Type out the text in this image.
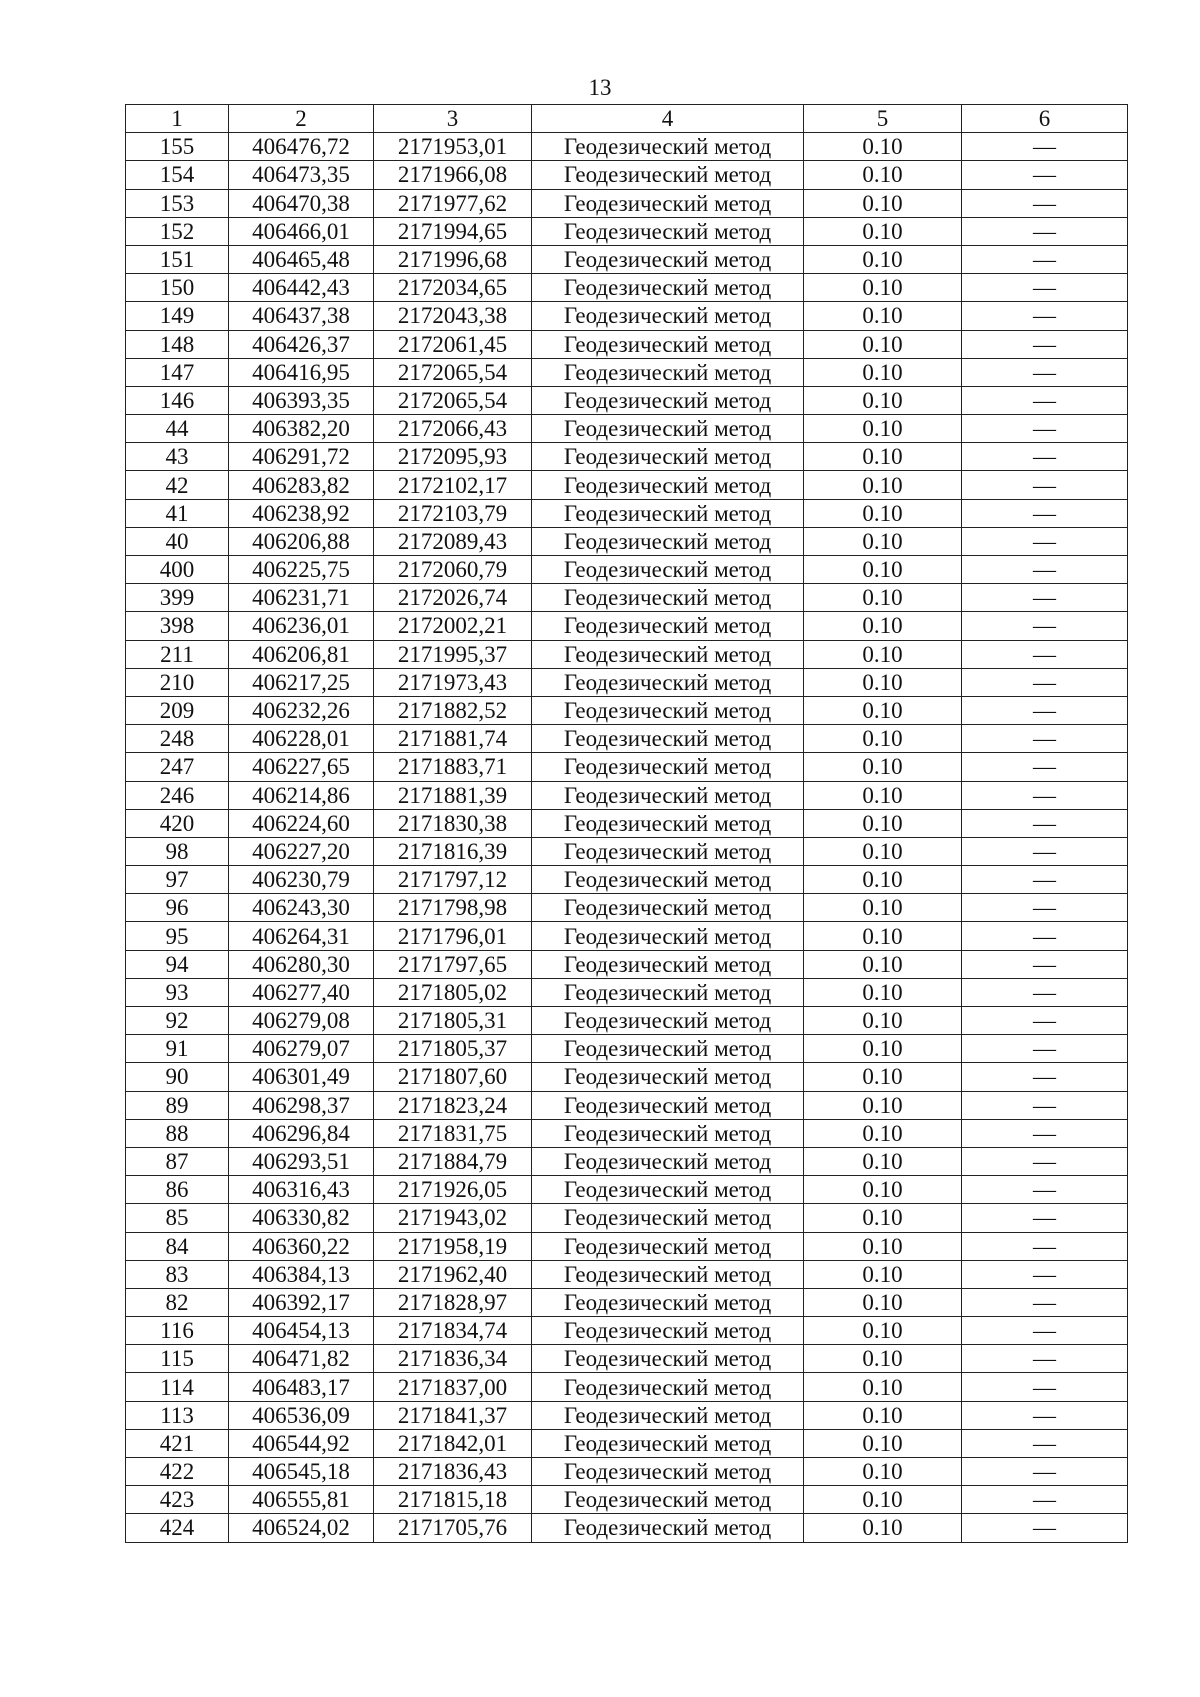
13
1	2	3	4	5	6
155	406476,72	2171953,01	Геодезический метод	0.10	—
154	406473,35	2171966,08	Геодезический метод	0.10	—
153	406470,38	2171977,62	Геодезический метод	0.10	—
152	406466,01	2171994,65	Геодезический метод	0.10	—
151	406465,48	2171996,68	Геодезический метод	0.10	—
150	406442,43	2172034,65	Геодезический метод	0.10	—
149	406437,38	2172043,38	Геодезический метод	0.10	—
148	406426,37	2172061,45	Геодезический метод	0.10	—
147	406416,95	2172065,54	Геодезический метод	0.10	—
146	406393,35	2172065,54	Геодезический метод	0.10	—
44	406382,20	2172066,43	Геодезический метод	0.10	—
43	406291,72	2172095,93	Геодезический метод	0.10	—
42	406283,82	2172102,17	Геодезический метод	0.10	—
41	406238,92	2172103,79	Геодезический метод	0.10	—
40	406206,88	2172089,43	Геодезический метод	0.10	—
400	406225,75	2172060,79	Геодезический метод	0.10	—
399	406231,71	2172026,74	Геодезический метод	0.10	—
398	406236,01	2172002,21	Геодезический метод	0.10	—
211	406206,81	2171995,37	Геодезический метод	0.10	—
210	406217,25	2171973,43	Геодезический метод	0.10	—
209	406232,26	2171882,52	Геодезический метод	0.10	—
248	406228,01	2171881,74	Геодезический метод	0.10	—
247	406227,65	2171883,71	Геодезический метод	0.10	—
246	406214,86	2171881,39	Геодезический метод	0.10	—
420	406224,60	2171830,38	Геодезический метод	0.10	—
98	406227,20	2171816,39	Геодезический метод	0.10	—
97	406230,79	2171797,12	Геодезический метод	0.10	—
96	406243,30	2171798,98	Геодезический метод	0.10	—
95	406264,31	2171796,01	Геодезический метод	0.10	—
94	406280,30	2171797,65	Геодезический метод	0.10	—
93	406277,40	2171805,02	Геодезический метод	0.10	—
92	406279,08	2171805,31	Геодезический метод	0.10	—
91	406279,07	2171805,37	Геодезический метод	0.10	—
90	406301,49	2171807,60	Геодезический метод	0.10	—
89	406298,37	2171823,24	Геодезический метод	0.10	—
88	406296,84	2171831,75	Геодезический метод	0.10	—
87	406293,51	2171884,79	Геодезический метод	0.10	—
86	406316,43	2171926,05	Геодезический метод	0.10	—
85	406330,82	2171943,02	Геодезический метод	0.10	—
84	406360,22	2171958,19	Геодезический метод	0.10	—
83	406384,13	2171962,40	Геодезический метод	0.10	—
82	406392,17	2171828,97	Геодезический метод	0.10	—
116	406454,13	2171834,74	Геодезический метод	0.10	—
115	406471,82	2171836,34	Геодезический метод	0.10	—
114	406483,17	2171837,00	Геодезический метод	0.10	—
113	406536,09	2171841,37	Геодезический метод	0.10	—
421	406544,92	2171842,01	Геодезический метод	0.10	—
422	406545,18	2171836,43	Геодезический метод	0.10	—
423	406555,81	2171815,18	Геодезический метод	0.10	—
424	406524,02	2171705,76	Геодезический метод	0.10	—
